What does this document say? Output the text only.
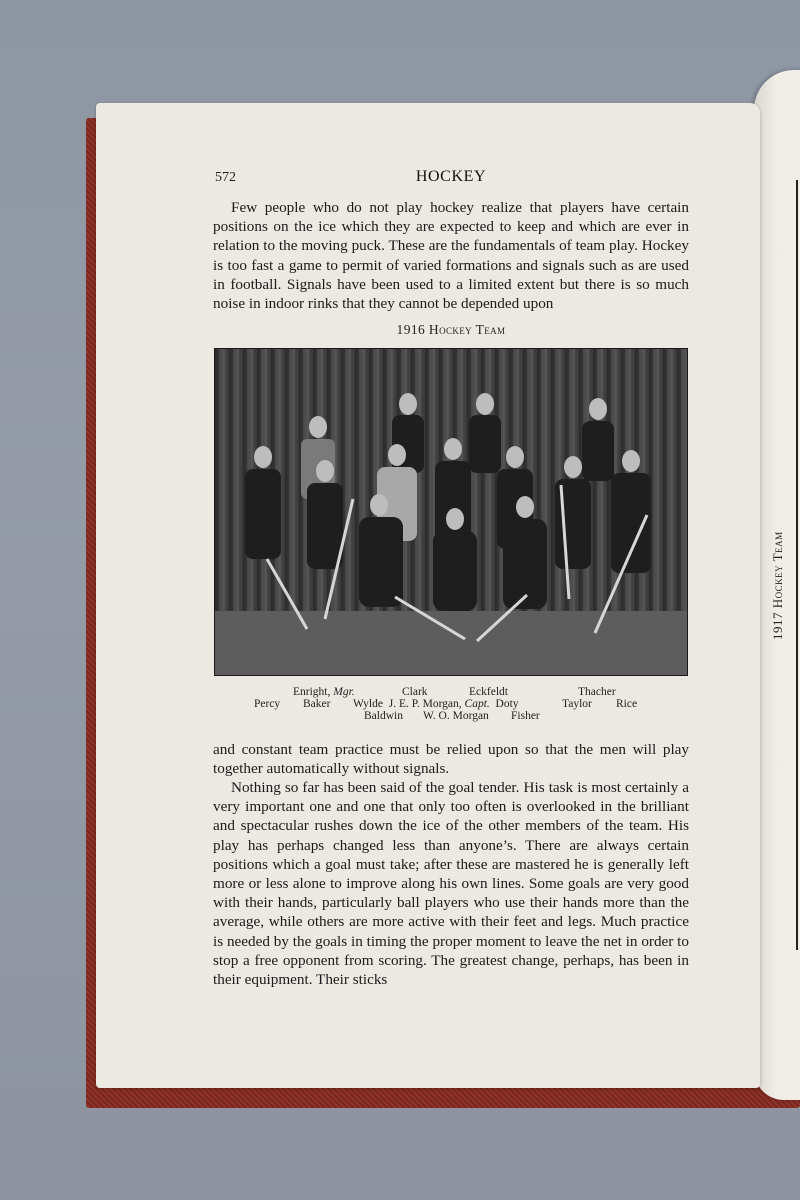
1917 Hockey Team
572	HOCKEY

Few people who do not play hockey realize that players have certain positions on the ice which they are expected to keep and which are ever in relation to the moving puck. These are the fundamentals of team play. Hockey is too fast a game to permit of varied formations and signals such as are used in football. Signals have been used to a limited extent but there is so much noise in indoor rinks that they cannot be depended upon

1916 Hockey Team
Enright, Mgr.	Clark	Eckfeldt	Thacher
Percy Baker Wylde J. E. P. Morgan, Capt. Doty	Taylor Rice
Baldwin W. O. Morgan Fisher

and constant team practice must be relied upon so that the men will play together automatically without signals.

Nothing so far has been said of the goal tender. His task is most certainly a very important one and one that only too often is overlooked in the brilliant and spectacular rushes down the ice of the other members of the team. His play has perhaps changed less than anyone’s. There are always certain positions which a goal must take; after these are mastered he is generally left more or less alone to improve along his own lines. Some goals are very good with their hands, particularly ball players who use their hands more than the average, while others are more active with their feet and legs. Much practice is needed by the goals in timing the proper moment to leave the net in order to stop a free opponent from scoring. The greatest change, perhaps, has been in their equipment. Their sticks
